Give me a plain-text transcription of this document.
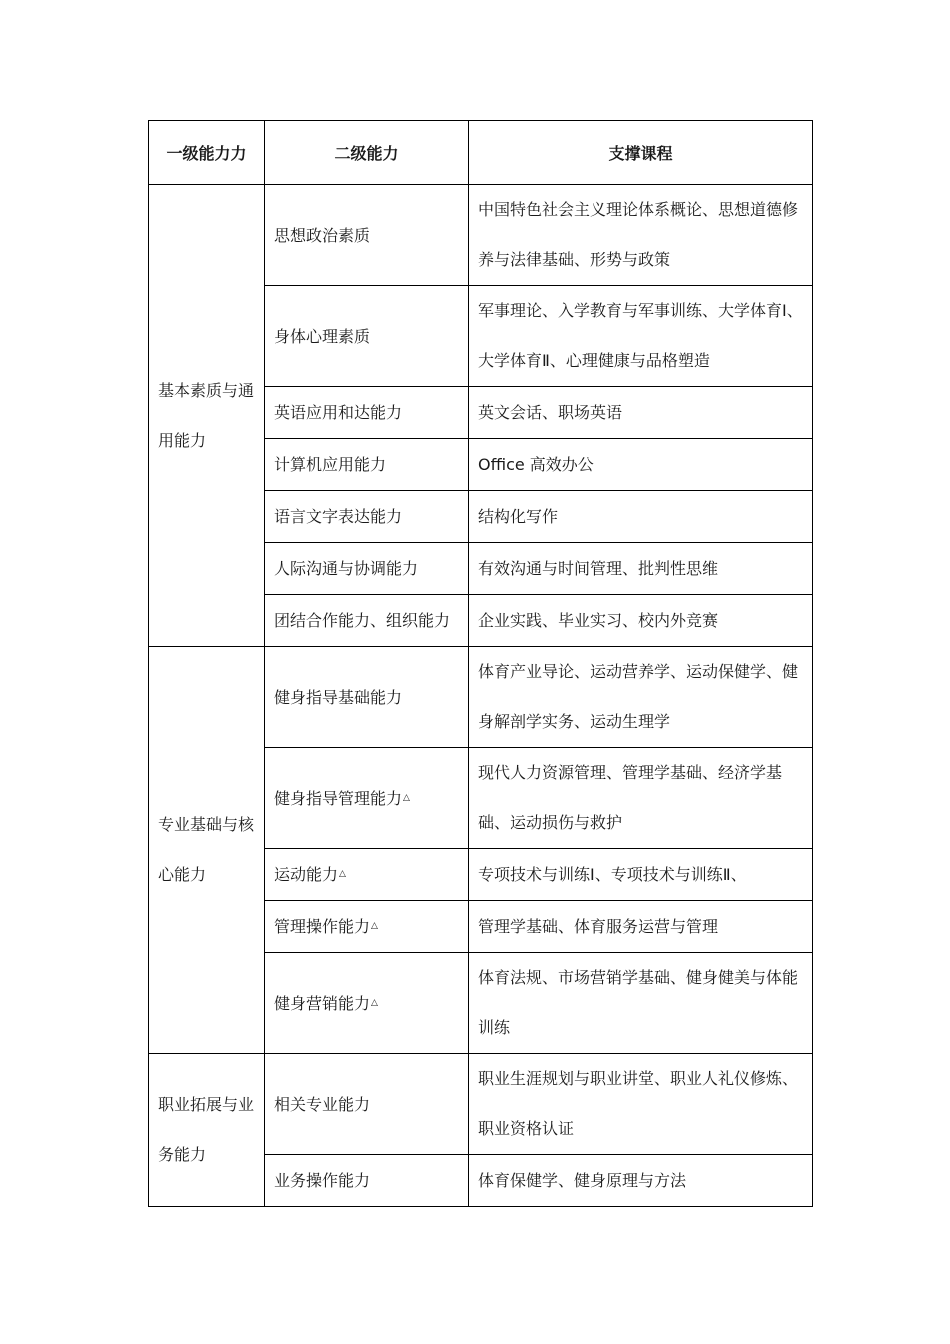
一级能力力	二级能力	支撑课程
基本素质与通用能力	思想政治素质	中国特色社会主义理论体系概论、思想道德修养与法律基础、形势与政策
	身体心理素质	军事理论、入学教育与军事训练、大学体育Ⅰ、大学体育Ⅱ、心理健康与品格塑造
	英语应用和达能力	英文会话、职场英语
	计算机应用能力	Office 高效办公
	语言文字表达能力	结构化写作
	人际沟通与协调能力	有效沟通与时间管理、批判性思维
	团结合作能力、组织能力	企业实践、毕业实习、校内外竞赛
专业基础与核心能力	健身指导基础能力	体育产业导论、运动营养学、运动保健学、健身解剖学实务、运动生理学
	健身指导管理能力△	现代人力资源管理、管理学基础、经济学基础、运动损伤与救护
	运动能力△	专项技术与训练Ⅰ、专项技术与训练Ⅱ、
	管理操作能力△	管理学基础、体育服务运营与管理
	健身营销能力△	体育法规、市场营销学基础、健身健美与体能训练
职业拓展与业务能力	相关专业能力	职业生涯规划与职业讲堂、职业人礼仪修炼、职业资格认证
	业务操作能力	体育保健学、健身原理与方法
